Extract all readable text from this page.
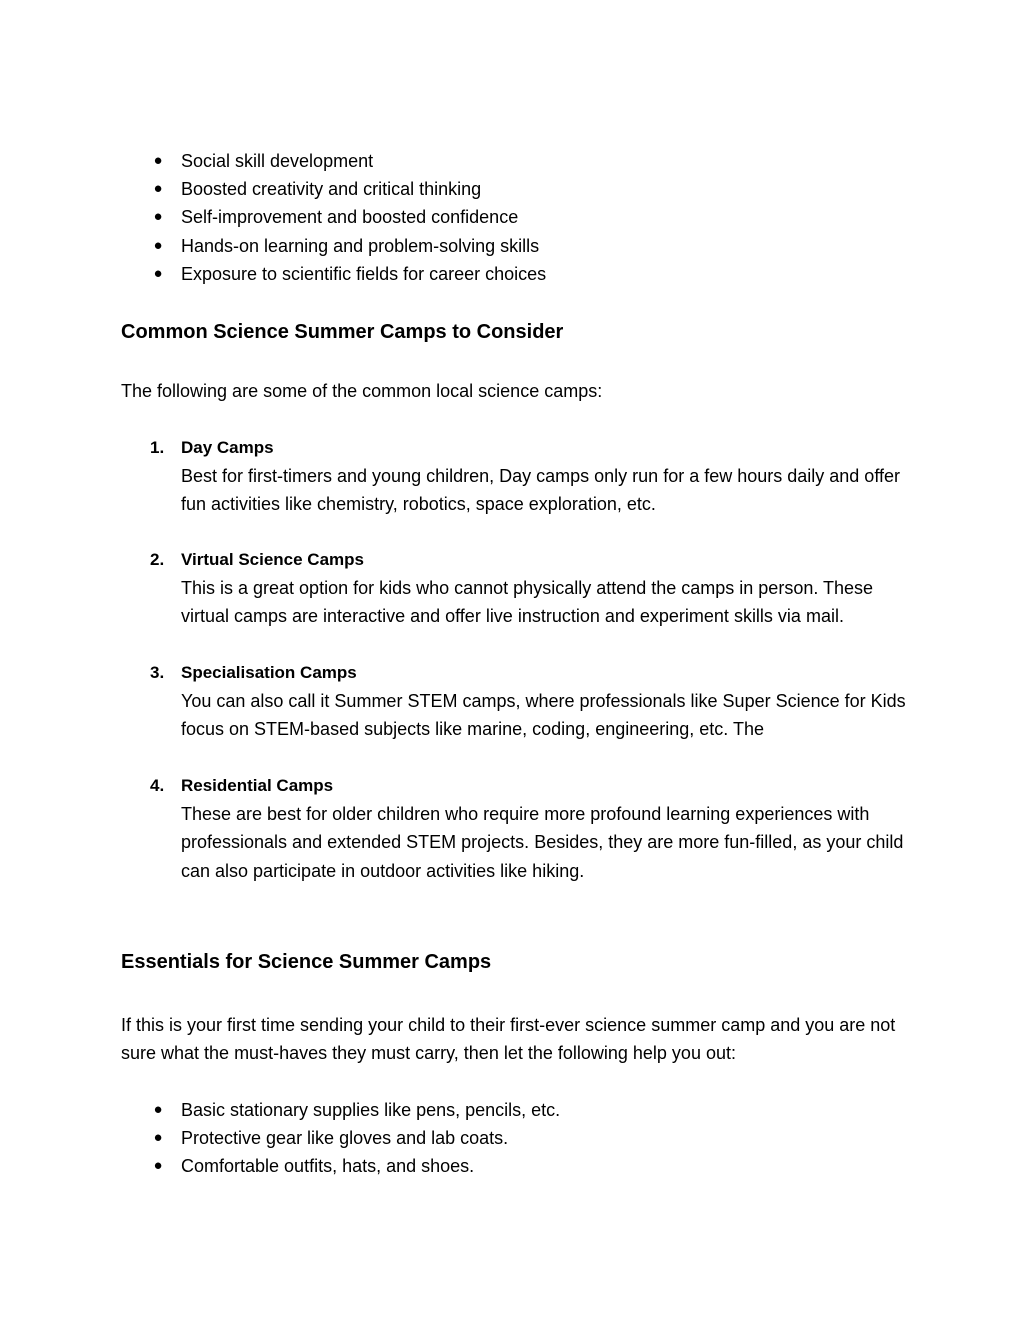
● Social skill development
● Boosted creativity and critical thinking
● Self-improvement and boosted confidence
● Hands-on learning and problem-solving skills
● Exposure to scientific fields for career choices
Common Science Summer Camps to Consider

The following are some of the common local science camps:

1. Day Camps

Best for first-timers and young children, Day camps only run for a few hours daily and offer fun activities like chemistry, robotics, space exploration, etc.

2. Virtual Science Camps

This is a great option for kids who cannot physically attend the camps in person. These virtual camps are interactive and offer live instruction and experiment skills via mail.

3. Specialisation Camps

You can also call it Summer STEM camps, where professionals like Super Science for Kids focus on STEM-based subjects like marine, coding, engineering, etc. The

4. Residential Camps

These are best for older children who require more profound learning experiences with professionals and extended STEM projects. Besides, they are more fun-filled, as your child can also participate in outdoor activities like hiking.

Essentials for Science Summer Camps

If this is your first time sending your child to their first-ever science summer camp and you are not sure what the must-haves they must carry, then let the following help you out:

● Basic stationary supplies like pens, pencils, etc.
● Protective gear like gloves and lab coats.
● Comfortable outfits, hats, and shoes.
